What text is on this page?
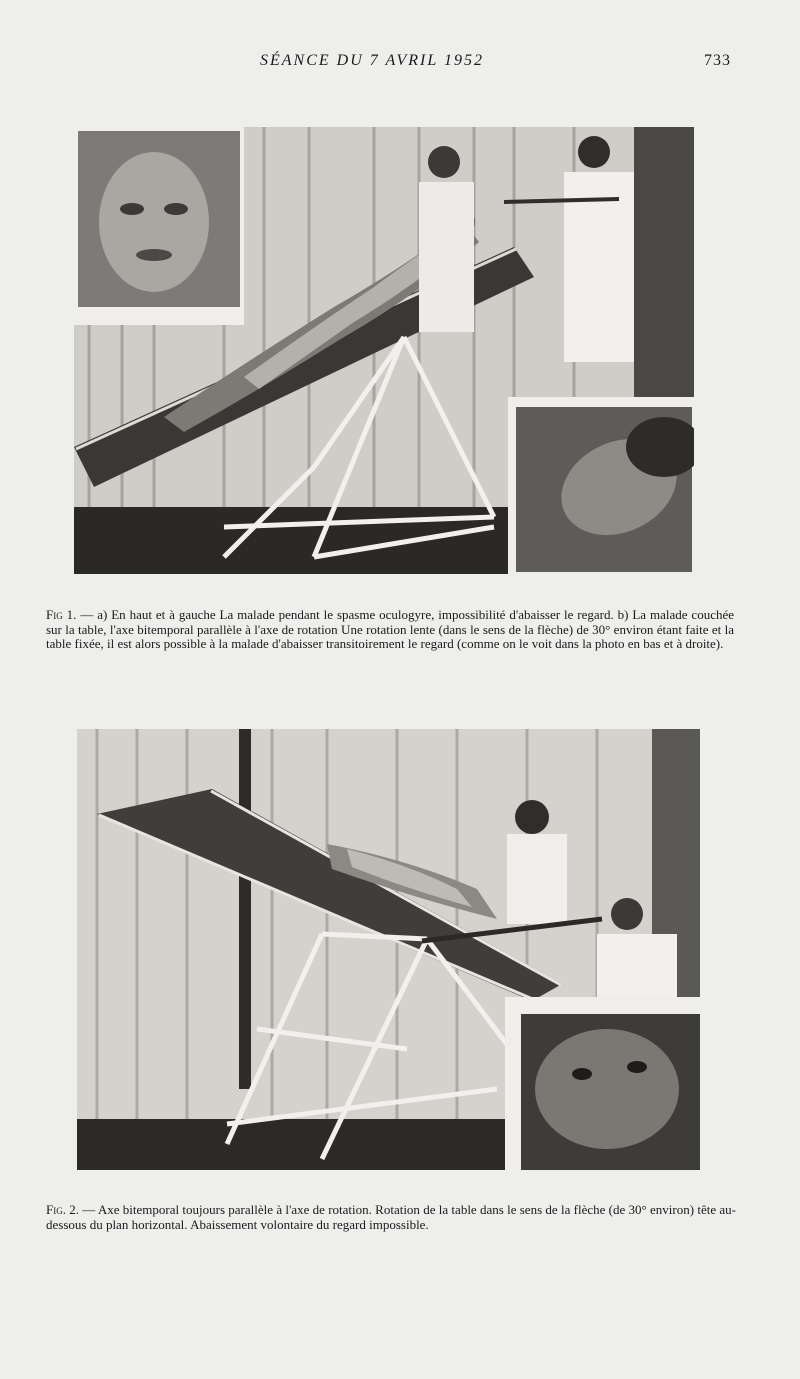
SÉANCE DU 7 AVRIL 1952	733

Fig 1. — a) En haut et à gauche La malade pendant le spasme oculogyre, impossibilité d'abaisser le regard. b) La malade couchée sur la table, l'axe bitemporal parallèle à l'axe de rotation Une rotation lente (dans le sens de la flèche) de 30° environ étant faite et la table fixée, il est alors possible à la malade d'abaisser transitoirement le regard (comme on le voit dans la photo en bas et à droite).

Fig. 2. — Axe bitemporal toujours parallèle à l'axe de rotation. Rotation de la table dans le sens de la flèche (de 30° environ) tête au-dessous du plan horizontal. Abaissement volontaire du regard impossible.
